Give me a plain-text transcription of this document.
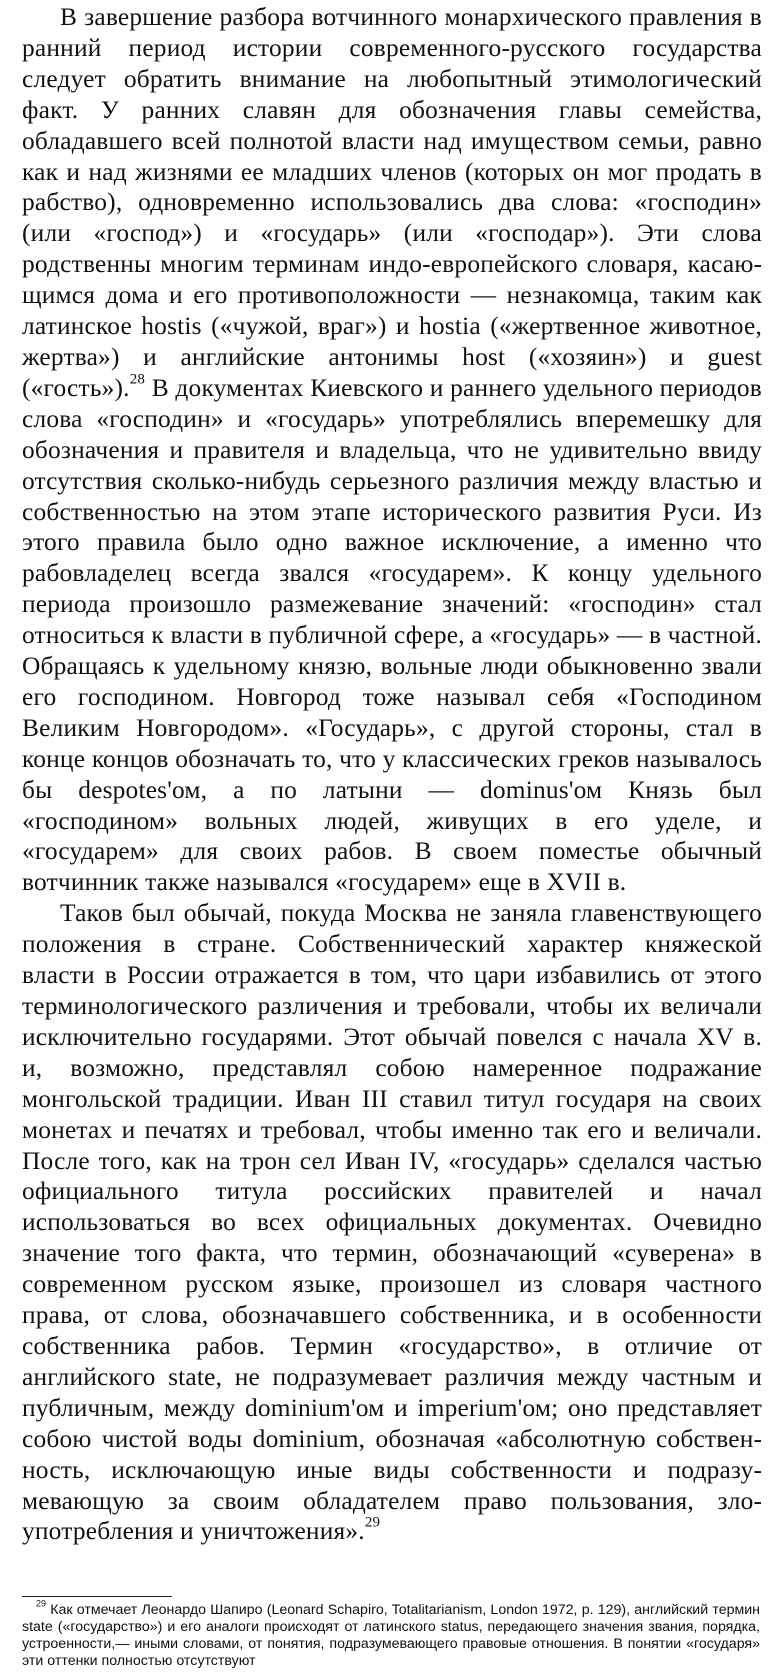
В завершение разбора вотчинного монархического правления в ранний период истории современного-русского государства следует обратить внимание на любопытный этимологический факт. У ранних славян для обозначения главы семейства, обладавшего всей полнотой власти над имуществом семьи, равно как и над жизнями ее младших членов (которых он мог продать в рабство), одновременно использовались два слова: «господин» (или «господ») и «государь» (или «господар»). Эти слова родственны многим терминам индо-европейского словаря, касающимся дома и его противоположности — незнакомца, таким как латинское hostis («чужой, враг») и hostia («жертвенное животное, жертва») и английские антонимы host («хозяин») и guest («гость»).$^{28}$ В документах Киевского и раннего удельного периодов слова «господин» и «государь» употреблялись вперемешку для обозначения и правителя и владельца, что не удивительно ввиду отсутствия сколько-нибудь серьезного различия между властью и собственностью на этом этапе исторического развития Руси. Из этого правила было одно важное исключение, а именно что рабовладелец всегда звался «государем». К концу удельного периода произошло размежевание значений: «господин» стал относиться к власти в публичной сфере, а «государь» — в частной. Обращаясь к удельному князю, вольные люди обыкновенно звали его господином. Новгород тоже называл себя «Господином Великим Новгородом». «Государь», с другой стороны, стал в конце концов обозначать то, что у классических греков называлось бы despotes'ом, а по латыни — dominus'ом Князь был «господином» вольных людей, живущих в его уделе, и «государем» для своих рабов. В своем поместье обычный вотчинник также назывался «государем» еще в XVII в.

Таков был обычай, покуда Москва не заняла главенствующего положения в стране. Собственнический характер княжеской власти в России отражается в том, что цари избавились от этого терминологического различения и требовали, чтобы их величали исключительно государями. Этот обычай повелся с начала XV в. и, возможно, представлял собою намеренное подражание монгольской традиции. Иван III ставил титул государя на своих монетах и печатях и требовал, чтобы именно так его и величали. После того, как на трон сел Иван IV, «государь» сделался частью официального титула российских правителей и начал использоваться во всех официальных документах. Очевидно значение того факта, что термин, обозначающий «суверена» в современном русском языке, произошел из словаря частного права, от слова, обозначавшего собственника, и в особенности собственника рабов. Термин «государство», в отличие от английского state, не подразумевает различия между частным и публичным, между dominium'ом и imperium'ом; оно представляет собою чистой воды dominium, обозначая «абсолютную собственность, исключающую иные виды собственности и подразумевающую за своим обладателем право пользования, злоупотребления и уничтожения».$^{29}$

$^{29}$ Как отмечает Леонардо Шапиро (Leonard Schapiro, Totalitarianism, London 1972, p. 129), английский термин state («государство») и его аналоги происходят от латинского status, передающего значения звания, порядка, устроенности,— иными словами, от понятия, подразумевающего правовые отношения. В понятии «государя» эти оттенки полностью отсутствуют
